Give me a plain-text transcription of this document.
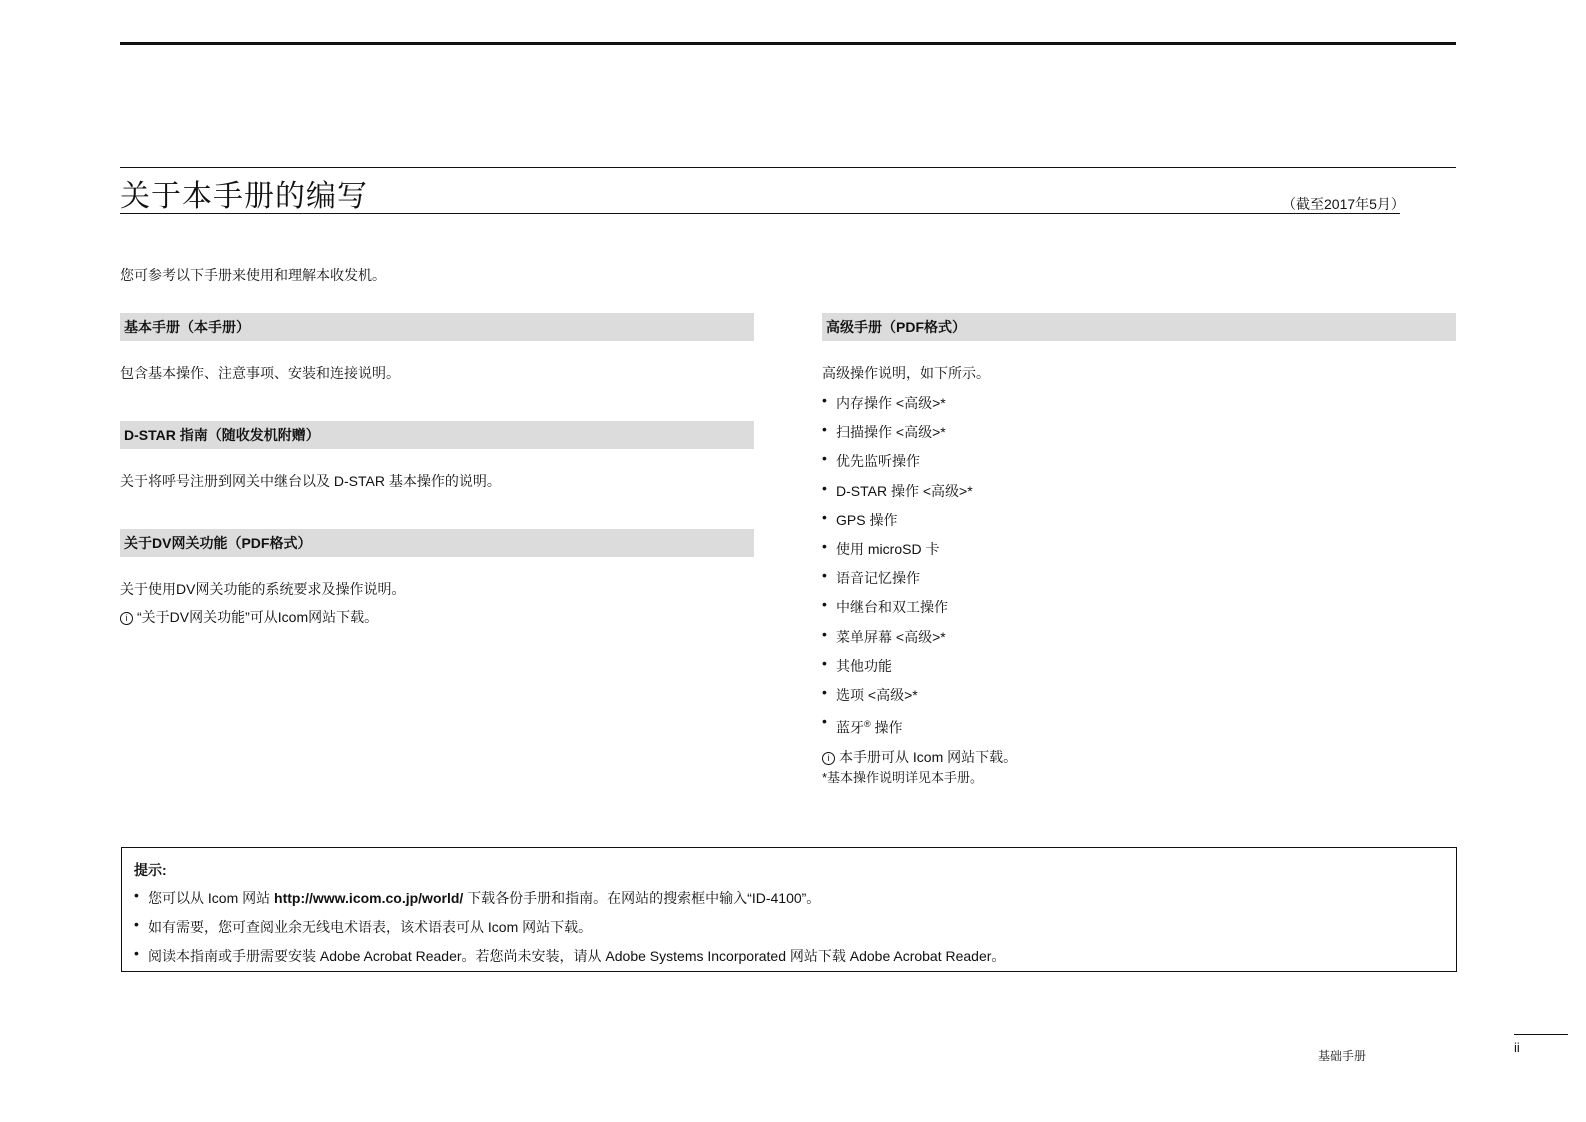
关于本手册的编写	（截至2017年5月）
您可参考以下手册来使用和理解本收发机。
基本手册（本手册）

包含基本操作、注意事项、安装和连接说明。

D-STAR 指南（随收发机附赠）

关于将呼号注册到网关中继台以及 D-STAR 基本操作的说明。

关于DV网关功能（PDF格式）

关于使用DV网关功能的系统要求及操作说明。

i “关于DV网关功能”可从Icom网站下载。

高级手册（PDF格式）

高级操作说明，如下所示。

• 内存操作 <高级>*
• 扫描操作 <高级>*
• 优先监听操作
• D-STAR 操作 <高级>*
• GPS 操作
• 使用 microSD 卡
• 语音记忆操作
• 中继台和双工操作
• 菜单屏幕 <高级>*
• 其他功能
• 选项 <高级>*
• 蓝牙® 操作

i 本手册可从 Icom 网站下载。

*基本操作说明详见本手册。

提示:
• 您可以从 Icom 网站 http://www.icom.co.jp/world/ 下载各份手册和指南。在网站的搜索框中输入“ID-4100”。
• 如有需要，您可查阅业余无线电术语表，该术语表可从 Icom 网站下载。
• 阅读本指南或手册需要安装 Adobe Acrobat Reader。若您尚未安装，请从 Adobe Systems Incorporated 网站下载 Adobe Acrobat Reader。
基础手册
ii
